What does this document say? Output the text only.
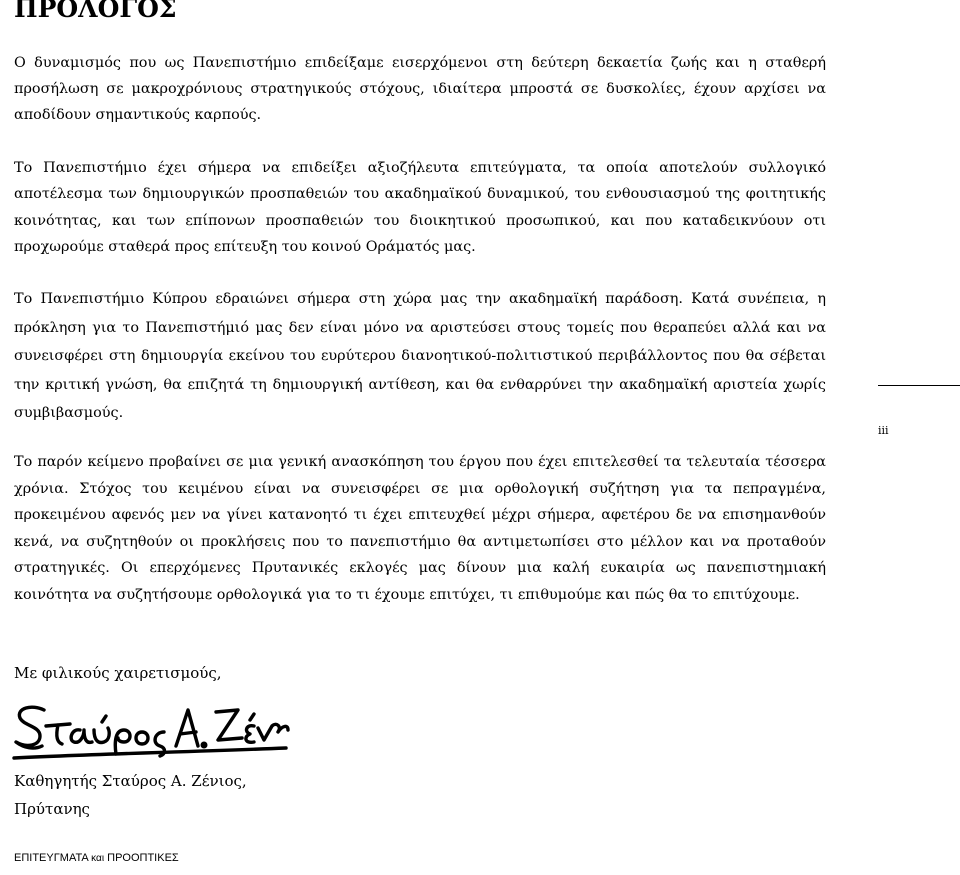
ΠΡΟΛΟΓΟΣ

Ο δυναμισμός που ως Πανεπιστήμιο επιδείξαμε εισερχόμενοι στη δεύτερη δεκαετία ζωής και η σταθερή προσήλωση σε μακροχρόνιους στρατηγικούς στόχους, ιδιαίτερα μπροστά σε δυσκολίες, έχουν αρχίσει να αποδίδουν σημαντικούς καρπούς.

Το Πανεπιστήμιο έχει σήμερα να επιδείξει αξιοζήλευτα επιτεύγματα, τα οποία αποτελούν συλλογικό αποτέλεσμα των δημιουργικών προσπαθειών του ακαδημαϊκού δυναμικού, του ενθουσιασμού της φοιτητικής κοινότητας, και των επίπονων προσπαθειών του διοικητικού προσωπικού, και που καταδεικνύουν οτι προχωρούμε σταθερά προς επίτευξη του κοινού Οράματός μας.

Το Πανεπιστήμιο Κύπρου εδραιώνει σήμερα στη χώρα μας την ακαδημαϊκή παράδοση. Κατά συνέπεια, η πρόκληση για το Πανεπιστήμιό μας δεν είναι μόνο να αριστεύσει στους τομείς που θεραπεύει αλλά και να συνεισφέρει στη δημιουργία εκείνου του ευρύτερου διανοητικού-πολιτιστικού περιβάλλοντος που θα σέβεται την κριτική γνώση, θα επιζητά τη δημιουργική αντίθεση, και θα ενθαρρύνει την ακαδημαϊκή αριστεία χωρίς συμβιβασμούς.

Το παρόν κείμενο προβαίνει σε μια γενική ανασκόπηση του έργου που έχει επιτελεσθεί τα τελευταία τέσσερα χρόνια. Στόχος του κειμένου είναι να συνεισφέρει σε μια ορθολογική συζήτηση για τα πεπραγμένα, προκειμένου αφενός μεν να γίνει κατανοητό τι έχει επιτευχθεί μέχρι σήμερα, αφετέρου δε να επισημανθούν κενά, να συζητηθούν οι προκλήσεις που το πανεπιστήμιο θα αντιμετωπίσει στο μέλλον και να προταθούν στρατηγικές. Οι επερχόμενες Πρυτανικές εκλογές μας δίνουν μια καλή ευκαιρία ως πανεπιστημιακή κοινότητα να συζητήσουμε ορθολογικά για το τι έχουμε επιτύχει, τι επιθυμούμε και πώς θα το επιτύχουμε.

Με φιλικούς χαιρετισμούς,

Καθηγητής Σταύρος Α. Ζένιος,

Πρύτανης

iii

ΕΠΙΤΕΥΓΜΑΤΑ και ΠΡΟΟΠΤΙΚΕΣ
